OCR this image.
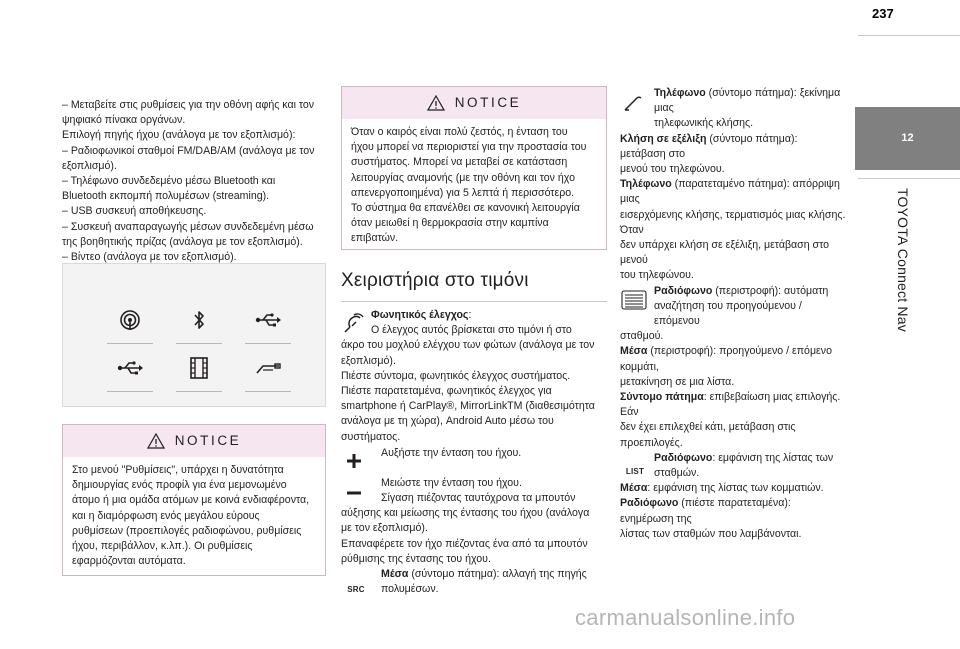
237
12
TOYOTA Connect Nav

– Μεταβείτε στις ρυθμίσεις για την οθόνη αφής και τον

ψηφιακό πίνακα οργάνων.

Επιλογή πηγής ήχου (ανάλογα με τον εξοπλισμό):

– Ραδιοφωνικοί σταθμοί FM/DAB/AM (ανάλογα με τον

εξοπλισμό).

– Τηλέφωνο συνδεδεμένο μέσω Bluetooth και

Bluetooth εκπομπή πολυμέσων (streaming).

– USB συσκευή αποθήκευσης.

– Συσκευή αναπαραγωγής μέσων συνδεδεμένη μέσω

της βοηθητικής πρίζας (ανάλογα με τον εξοπλισμό).

– Βίντεο (ανάλογα με τον εξοπλισμό).

NOTICE

Στο μενού "Ρυθμίσεις", υπάρχει η δυνατότητα

δημιουργίας ενός προφίλ για ένα μεμονωμένο

άτομο ή μια ομάδα ατόμων με κοινά ενδιαφέροντα,

και η διαμόρφωση ενός μεγάλου εύρους

ρυθμίσεων (προεπιλογές ραδιοφώνου, ρυθμίσεις

ήχου, περιβάλλον, κ.λπ.). Οι ρυθμίσεις

εφαρμόζονται αυτόματα.

NOTICE

Όταν ο καιρός είναι πολύ ζεστός, η ένταση του

ήχου μπορεί να περιοριστεί για την προστασία του

συστήματος. Μπορεί να μεταβεί σε κατάσταση

λειτουργίας αναμονής (με την οθόνη και τον ήχο

απενεργοποιημένα) για 5 λεπτά ή περισσότερο.

Το σύστημα θα επανέλθει σε κανονική λειτουργία

όταν μειωθεί η θερμοκρασία στην καμπίνα

επιβατών.

Χειριστήρια στο τιμόνι
Φωνητικός έλεγχος:

Ο έλεγχος αυτός βρίσκεται στο τιμόνι ή στο

άκρο του μοχλού ελέγχου των φώτων (ανάλογα με τον

εξοπλισμό).

Πιέστε σύντομα, φωνητικός έλεγχος συστήματος.

Πιέστε παρατεταμένα, φωνητικός έλεγχος για

smartphone ή CarPlay®, MirrorLinkTM (διαθεσιμότητα

ανάλογα με τη χώρα), Android Auto μέσω του

συστήματος.

Αυξήστε την ένταση του ήχου.

Μειώστε την ένταση του ήχου.

Σίγαση πιέζοντας ταυτόχρονα τα μπουτόν

αύξησης και μείωσης της έντασης του ήχου (ανάλογα

με τον εξοπλισμό).

Επαναφέρετε τον ήχο πιέζοντας ένα από τα μπουτόν

ρύθμισης της έντασης του ήχου.

SRC
Μέσα (σύντομο πάτημα): αλλαγή της πηγής

πολυμέσων.

Τηλέφωνο (σύντομο πάτημα): ξεκίνημα μιας

τηλεφωνικής κλήσης.

Κλήση σε εξέλιξη (σύντομο πάτημα): μετάβαση στο

μενού του τηλεφώνου.

Τηλέφωνο (παρατεταμένο πάτημα): απόρριψη μιας

εισερχόμενης κλήσης, τερματισμός μιας κλήσης. Όταν

δεν υπάρχει κλήση σε εξέλιξη, μετάβαση στο μενού

του τηλεφώνου.

Ραδιόφωνο (περιστροφή): αυτόματη

αναζήτηση του προηγούμενου / επόμενου

σταθμού.

Μέσα (περιστροφή): προηγούμενο / επόμενο κομμάτι,

μετακίνηση σε μια λίστα.

Σύντομο πάτημα: επιβεβαίωση μιας επιλογής. Εάν

δεν έχει επιλεχθεί κάτι, μετάβαση στις προεπιλογές.

LIST
Ραδιόφωνο: εμφάνιση της λίστας των

σταθμών.

Μέσα: εμφάνιση της λίστας των κομματιών.
Ραδιόφωνο (πιέστε παρατεταμένα): ενημέρωση της

λίστας των σταθμών που λαμβάνονται.

carmanualsonline.info
